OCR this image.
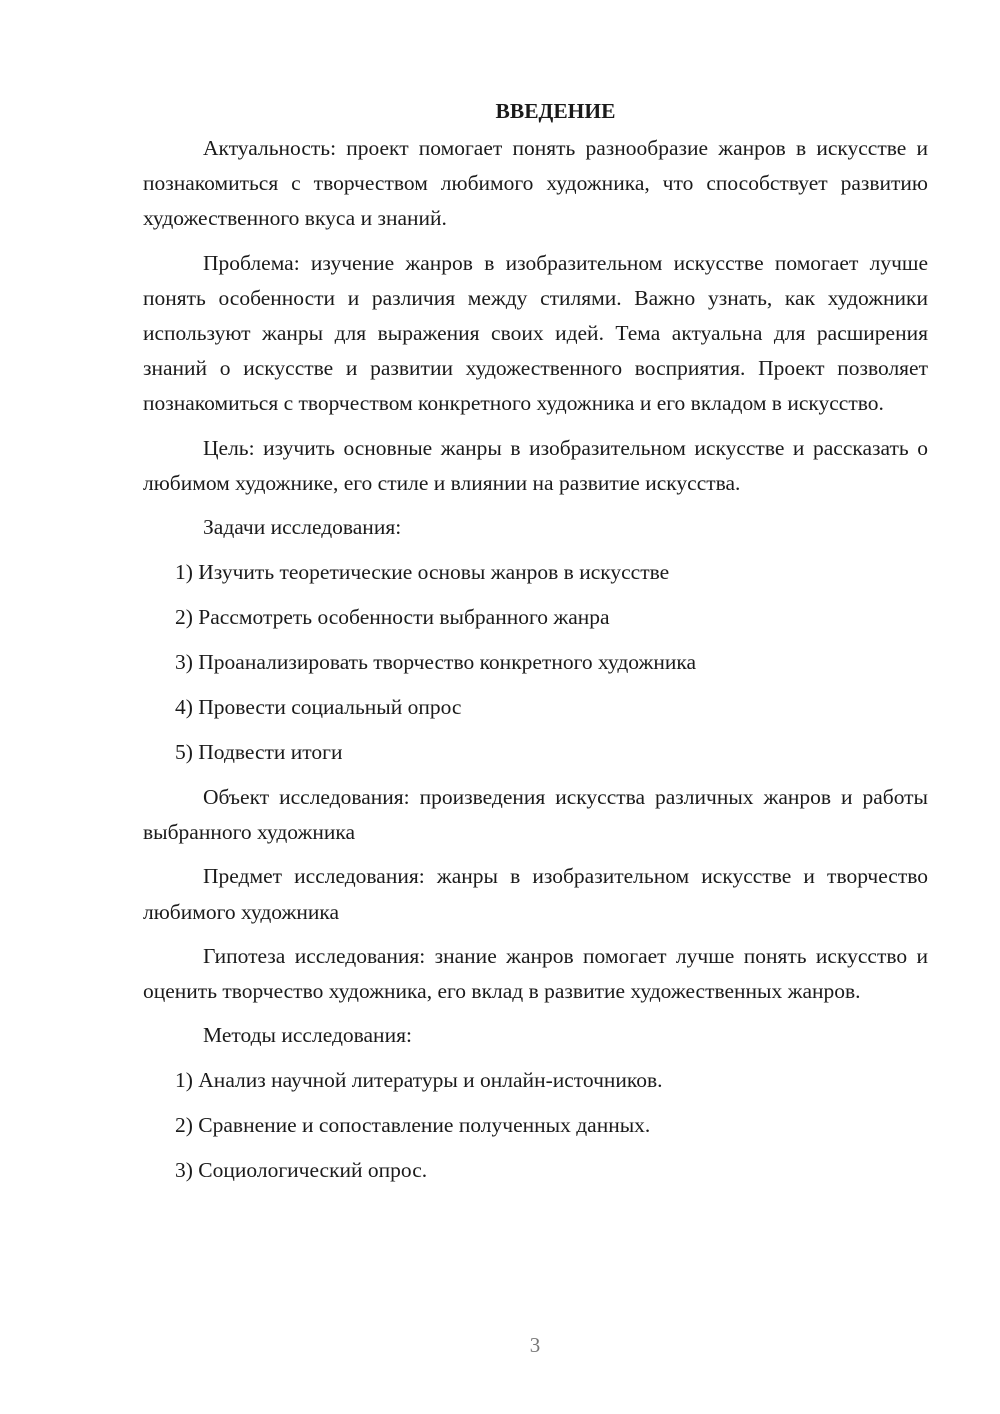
ВВЕДЕНИЕ

Актуальность: проект помогает понять разнообразие жанров в искусстве и познакомиться с творчеством любимого художника, что способствует развитию художественного вкуса и знаний.

Проблема: изучение жанров в изобразительном искусстве помогает лучше понять особенности и различия между стилями. Важно узнать, как художники используют жанры для выражения своих идей. Тема актуальна для расширения знаний о искусстве и развитии художественного восприятия. Проект позволяет познакомиться с творчеством конкретного художника и его вкладом в искусство.

Цель: изучить основные жанры в изобразительном искусстве и рассказать о любимом художнике, его стиле и влиянии на развитие искусства.

Задачи исследования:
1) Изучить теоретические основы жанров в искусстве
2) Рассмотреть особенности выбранного жанра
3) Проанализировать творчество конкретного художника
4) Провести социальный опрос
5) Подвести итоги

Объект исследования: произведения искусства различных жанров и работы выбранного художника

Предмет исследования: жанры в изобразительном искусстве и творчество любимого художника

Гипотеза исследования: знание жанров помогает лучше понять искусство и оценить творчество художника, его вклад в развитие художественных жанров.

Методы исследования:
1) Анализ научной литературы и онлайн-источников.
2) Сравнение и сопоставление полученных данных.
3) Социологический опрос.
3
